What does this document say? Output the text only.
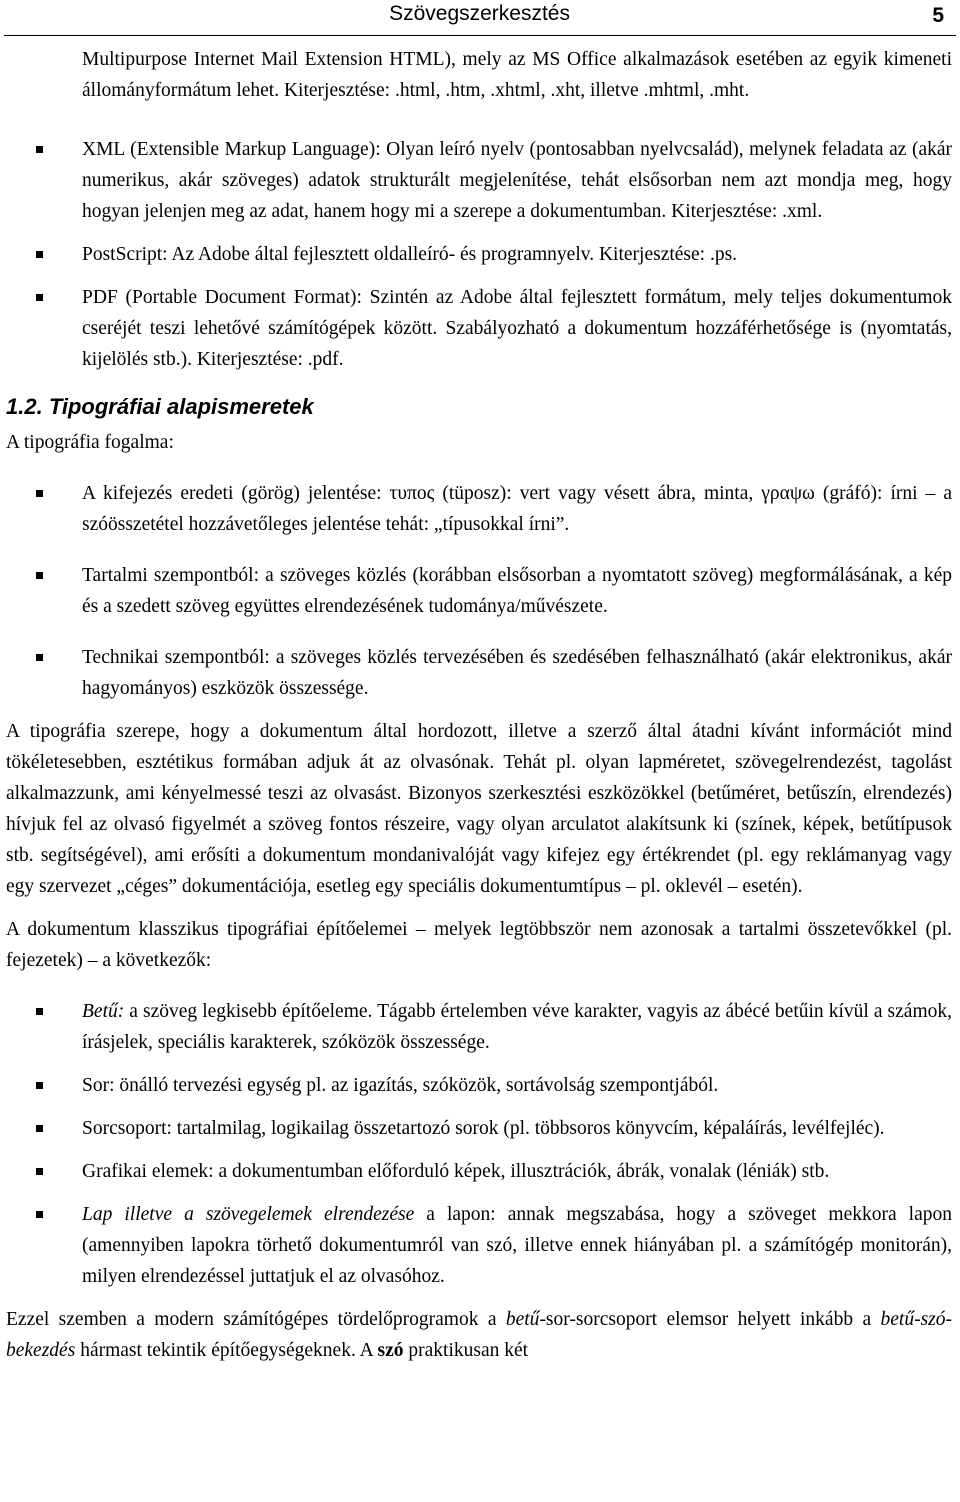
Szövegszerkesztés	5

Multipurpose Internet Mail Extension HTML), mely az MS Office alkalmazások esetében az egyik kimeneti állományformátum lehet. Kiterjesztése: .html, .htm, .xhtml, .xht, illetve .mhtml, .mht.

XML (Extensible Markup Language): Olyan leíró nyelv (pontosabban nyelvcsalád), melynek feladata az (akár numerikus, akár szöveges) adatok strukturált megjelenítése, tehát elsősorban nem azt mondja meg, hogy hogyan jelenjen meg az adat, hanem hogy mi a szerepe a dokumentumban. Kiterjesztése: .xml.
PostScript: Az Adobe által fejlesztett oldalleíró- és programnyelv. Kiterjesztése: .ps.
PDF (Portable Document Format): Szintén az Adobe által fejlesztett formátum, mely teljes dokumentumok cseréjét teszi lehetővé számítógépek között. Szabályozható a dokumentum hozzáférhetősége is (nyomtatás, kijelölés stb.). Kiterjesztése: .pdf.
1.2. Tipográfiai alapismeretek

A tipográfia fogalma:

A kifejezés eredeti (görög) jelentése: τυπος (tüposz): vert vagy vésett ábra, minta, γραψω (gráfó): írni – a szóösszetétel hozzávetőleges jelentése tehát: „típusokkal írni”.
Tartalmi szempontból: a szöveges közlés (korábban elsősorban a nyomtatott szöveg) megformálásának, a kép és a szedett szöveg együttes elrendezésének tudománya/művészete.
Technikai szempontból: a szöveges közlés tervezésében és szedésében felhasználható (akár elektronikus, akár hagyományos) eszközök összessége.

A tipográfia szerepe, hogy a dokumentum által hordozott, illetve a szerző által átadni kívánt információt mind tökéletesebben, esztétikus formában adjuk át az olvasónak. Tehát pl. olyan lapméretet, szövegelrendezést, tagolást alkalmazzunk, ami kényelmessé teszi az olvasást. Bizonyos szerkesztési eszközökkel (betűméret, betűszín, elrendezés) hívjuk fel az olvasó figyelmét a szöveg fontos részeire, vagy olyan arculatot alakítsunk ki (színek, képek, betűtípusok stb. segítségével), ami erősíti a dokumentum mondanivalóját vagy kifejez egy értékrendet (pl. egy reklámanyag vagy egy szervezet „céges” dokumentációja, esetleg egy speciális dokumentumtípus – pl. oklevél – esetén).

A dokumentum klasszikus tipográfiai építőelemei – melyek legtöbbször nem azonosak a tartalmi összetevőkkel (pl. fejezetek) – a következők:

Betű: a szöveg legkisebb építőeleme. Tágabb értelemben véve karakter, vagyis az ábécé betűin kívül a számok, írásjelek, speciális karakterek, szóközök összessége.
Sor: önálló tervezési egység pl. az igazítás, szóközök, sortávolság szempontjából.
Sorcsoport: tartalmilag, logikailag összetartozó sorok (pl. többsoros könyvcím, képaláírás, levélfejléc).
Grafikai elemek: a dokumentumban előforduló képek, illusztrációk, ábrák, vonalak (léniák) stb.
Lap illetve a szövegelemek elrendezése a lapon: annak megszabása, hogy a szöveget mekkora lapon (amennyiben lapokra törhető dokumentumról van szó, illetve ennek hiányában pl. a számítógép monitorán), milyen elrendezéssel juttatjuk el az olvasóhoz.

Ezzel szemben a modern számítógépes tördelőprogramok a betű-sor-sorcsoport elemsor helyett inkább a betű-szó-bekezdés hármast tekintik építőegységeknek. A szó praktikusan két
